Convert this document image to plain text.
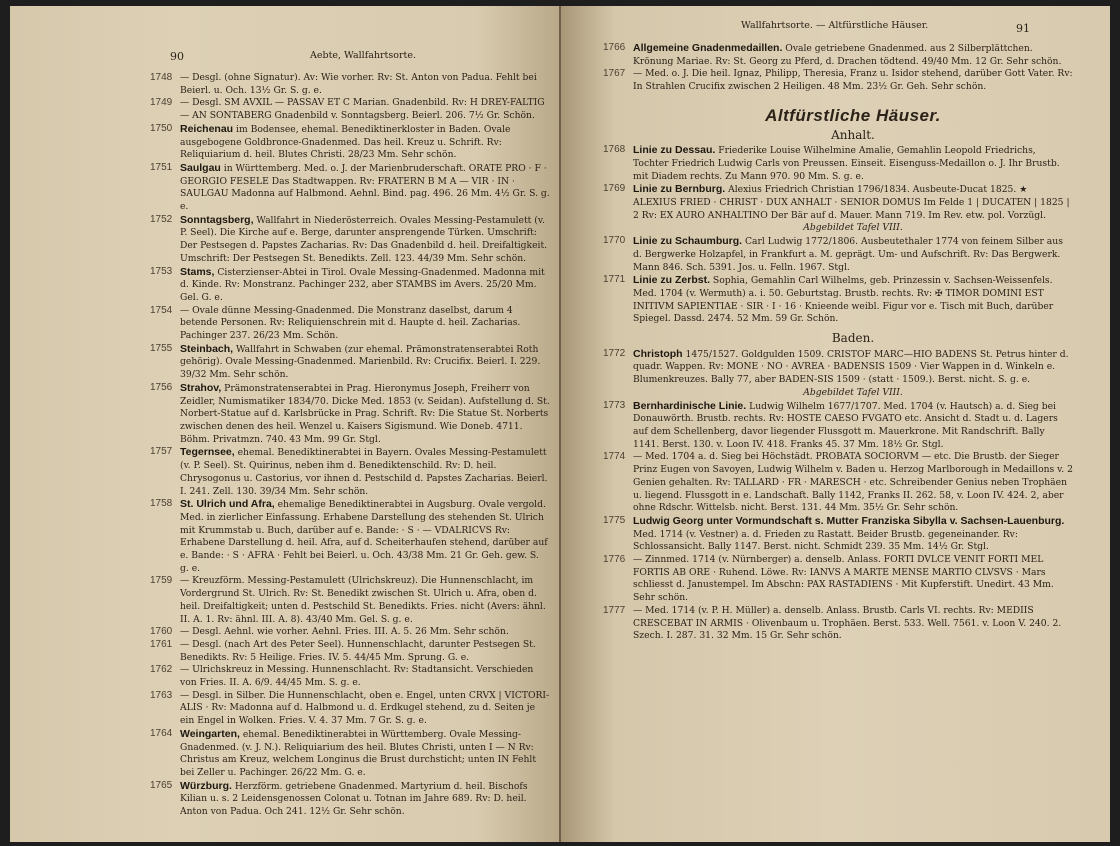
90	Aebte, Wallfahrtsorte.
1748 — Desgl. (ohne Signatur). Av: Wie vorher. Rv: St. Anton von Padua. Fehlt bei Beierl. u. Och. 13½ Gr. S. g. e.
1749 — Desgl. SM AVXIL — PASSAV ET C Marian. Gnadenbild. Rv: H DREY-FALTIG — AN SONTABERG Gnadenbild v. Sonntagsberg. Beierl. 206. 7½ Gr. Schön.
1750 Reichenau im Bodensee, ehemal. Benediktinerkloster in Baden. Ovale ausgebogene Goldbronce-Gnadenmed. Das heil. Kreuz u. Schrift. Rv: Reliquiarium d. heil. Blutes Christi. 28/23 Mm. Sehr schön.
1751 Saulgau in Württemberg. Med. o. J. der Marienbruderschaft. ORATE PRO · F · GEORGIO FESELE Das Stadtwappen. Rv: FRATERN B M A — VIR · IN · SAULGAU Madonna auf Halbmond. Aehnl. Bind. pag. 496. 26 Mm. 4½ Gr. S. g. e.
1752 Sonntagsberg, Wallfahrt in Niederösterreich. Ovales Messing-Pestamulett (v. P. Seel). Die Kirche auf e. Berge, darunter ansprengende Türken. Umschrift: Der Pestsegen d. Papstes Zacharias. Rv: Das Gnadenbild d. heil. Dreifaltigkeit. Umschrift: Der Pestsegen St. Benedikts. Zell. 123. 44/39 Mm. Sehr schön.
1753 Stams, Cisterzienser-Abtei in Tirol. Ovale Messing-Gnadenmed. Madonna mit d. Kinde. Rv: Monstranz. Pachinger 232, aber STAMBS im Avers. 25/20 Mm. Gel. G. e.
1754 — Ovale dünne Messing-Gnadenmed. Die Monstranz daselbst, darum 4 betende Personen. Rv: Reliquienschrein mit d. Haupte d. heil. Zacharias. Pachinger 237. 26/23 Mm. Schön.
1755 Steinbach, Wallfahrt in Schwaben (zur ehemal. Prämonstratenserabtei Roth gehörig). Ovale Messing-Gnadenmed. Marienbild. Rv: Crucifix. Beierl. I. 229. 39/32 Mm. Sehr schön.
1756 Strahov, Prämonstratenserabtei in Prag. Hieronymus Joseph, Freiherr von Zeidler, Numismatiker 1834/70. Dicke Med. 1853 (v. Seidan). Aufstellung d. St. Norbert-Statue auf d. Karlsbrücke in Prag. Schrift. Rv: Die Statue St. Norberts zwischen denen des heil. Wenzel u. Kaisers Sigismund. Wie Doneb. 4711. Böhm. Privatmzn. 740. 43 Mm. 99 Gr. Stgl.
1757 Tegernsee, ehemal. Benediktinerabtei in Bayern. Ovales Messing-Pestamulett (v. P. Seel). St. Quirinus, neben ihm d. Benediktenschild. Rv: D. heil. Chrysogonus u. Castorius, vor ihnen d. Pestschild d. Papstes Zacharias. Beierl. I. 241. Zell. 130. 39/34 Mm. Sehr schön.
1758 St. Ulrich und Afra, ehemalige Benediktinerabtei in Augsburg. Ovale vergold. Med. in zierlicher Einfassung. Erhabene Darstellung des stehenden St. Ulrich mit Krummstab u. Buch, darüber auf e. Bande: · S · — VDALRICVS Rv: Erhabene Darstellung d. heil. Afra, auf d. Scheiterhaufen stehend, darüber auf e. Bande: · S · AFRA · Fehlt bei Beierl. u. Och. 43/38 Mm. 21 Gr. Geh. gew. S. g. e.
1759 — Kreuzförm. Messing-Pestamulett (Ulrichskreuz). Die Hunnenschlacht, im Vordergrund St. Ulrich. Rv: St. Benedikt zwischen St. Ulrich u. Afra, oben d. heil. Dreifaltigkeit; unten d. Pestschild St. Benedikts. Fries. nicht (Avers: ähnl. II. A. 1. Rv: ähnl. III. A. 8). 43/40 Mm. Gel. S. g. e.
1760 — Desgl. Aehnl. wie vorher. Aehnl. Fries. III. A. 5. 26 Mm. Sehr schön.
1761 — Desgl. (nach Art des Peter Seel). Hunnenschlacht, darunter Pestsegen St. Benedikts. Rv: 5 Heilige. Fries. IV. 5. 44/45 Mm. Sprung. G. e.
1762 — Ulrichskreuz in Messing. Hunnenschlacht. Rv: Stadtansicht. Verschieden von Fries. II. A. 6/9. 44/45 Mm. S. g. e.
1763 — Desgl. in Silber. Die Hunnenschlacht, oben e. Engel, unten CRVX | VICTORI-ALIS · Rv: Madonna auf d. Halbmond u. d. Erdkugel stehend, zu d. Seiten je ein Engel in Wolken. Fries. V. 4. 37 Mm. 7 Gr. S. g. e.
1764 Weingarten, ehemal. Benediktinerabtei in Württemberg. Ovale Messing-Gnadenmed. (v. J. N.). Reliquiarium des heil. Blutes Christi, unten I — N Rv: Christus am Kreuz, welchem Longinus die Brust durchsticht; unten IN Fehlt bei Zeller u. Pachinger. 26/22 Mm. G. e.
1765 Würzburg. Herzförm. getriebene Gnadenmed. Martyrium d. heil. Bischofs Kilian u. s. 2 Leidensgenossen Colonat u. Totnan im Jahre 689. Rv: D. heil. Anton von Padua. Och 241. 12½ Gr. Sehr schön.
Wallfahrtsorte. — Altfürstliche Häuser.	91
1766 Allgemeine Gnadenmedaillen. Ovale getriebene Gnadenmed. aus 2 Silberplättchen. Krönung Mariae. Rv: St. Georg zu Pferd, d. Drachen tödtend. 49/40 Mm. 12 Gr. Sehr schön.
1767 — Med. o. J. Die heil. Ignaz, Philipp, Theresia, Franz u. Isidor stehend, darüber Gott Vater. Rv: In Strahlen Crucifix zwischen 2 Heiligen. 48 Mm. 23½ Gr. Geh. Sehr schön.
Altfürstliche Häuser.
Anhalt.
1768 Linie zu Dessau. Friederike Louise Wilhelmine Amalie, Gemahlin Leopold Friedrichs, Tochter Friedrich Ludwig Carls von Preussen. Einseit. Eisenguss-Medaillon o. J. Ihr Brustb. mit Diadem rechts. Zu Mann 970. 90 Mm. S. g. e.
1769 Linie zu Bernburg. Alexius Friedrich Christian 1796/1834. Ausbeute-Ducat 1825. ★ ALEXIUS FRIED · CHRIST · DUX ANHALT · SENIOR DOMUS Im Felde 1 | DUCATEN | 1825 | 2 Rv: EX AURO ANHALTINO Der Bär auf d. Mauer. Mann 719. Im Rev. etw. pol. Vorzügl.
Abgebildet Tafel VIII.
1770 Linie zu Schaumburg. Carl Ludwig 1772/1806. Ausbeutethaler 1774 von feinem Silber aus d. Bergwerke Holzapfel, in Frankfurt a. M. geprägt. Um- und Aufschrift. Rv: Das Bergwerk. Mann 846. Sch. 5391. Jos. u. Felln. 1967. Stgl.
1771 Linie zu Zerbst. Sophia, Gemahlin Carl Wilhelms, geb. Prinzessin v. Sachsen-Weissenfels. Med. 1704 (v. Wermuth) a. i. 50. Geburtstag. Brustb. rechts. Rv: ✠ TIMOR DOMINI EST INITIVM SAPIENTIAE · SIR · I · 16 · Knieende weibl. Figur vor e. Tisch mit Buch, darüber Spiegel. Dassd. 2474. 52 Mm. 59 Gr. Schön.
Baden.
1772 Christoph 1475/1527. Goldgulden 1509. CRISTOF MARC—HIO BADENS St. Petrus hinter d. quadr. Wappen. Rv: MONE · NO · AVREA · BADENSIS 1509 · Vier Wappen in d. Winkeln e. Blumenkreuzes. Bally 77, aber BADEN-SIS 1509 · (statt · 1509.). Berst. nicht. S. g. e.
Abgebildet Tafel VIII.
1773 Bernhardinische Linie. Ludwig Wilhelm 1677/1707. Med. 1704 (v. Hautsch) a. d. Sieg bei Donauwörth. Brustb. rechts. Rv: HOSTE CAESO FVGATO etc. Ansicht d. Stadt u. d. Lagers auf dem Schellenberg, davor liegender Flussgott m. Mauerkrone. Mit Randschrift. Bally 1141. Berst. 130. v. Loon IV. 418. Franks 45. 37 Mm. 18½ Gr. Stgl.
1774 — Med. 1704 a. d. Sieg bei Höchstädt. PROBATA SOCIORVM — etc. Die Brustb. der Sieger Prinz Eugen von Savoyen, Ludwig Wilhelm v. Baden u. Herzog Marlborough in Medaillons v. 2 Genien gehalten. Rv: TALLARD · FR · MARESCH · etc. Schreibender Genius neben Trophäen u. liegend. Flussgott in e. Landschaft. Bally 1142, Franks II. 262. 58, v. Loon IV. 424. 2, aber ohne Rdschr. Wittelsb. nicht. Berst. 131. 44 Mm. 35½ Gr. Sehr schön.
1775 Ludwig Georg unter Vormundschaft s. Mutter Franziska Sibylla v. Sachsen-Lauenburg. Med. 1714 (v. Vestner) a. d. Frieden zu Rastatt. Beider Brustb. gegeneinander. Rv: Schlossansicht. Bally 1147. Berst. nicht. Schmidt 239. 35 Mm. 14½ Gr. Stgl.
1776 — Zinnmed. 1714 (v. Nürnberger) a. denselb. Anlass. FORTI DVLCE VENIT FORTI MEL FORTIS AB ORE · Ruhend. Löwe. Rv: IANVS A MARTE MENSE MARTIO CLVSVS · Mars schliesst d. Janustempel. Im Abschn: PAX RASTADIENS · Mit Kupferstift. Unedirt. 43 Mm. Sehr schön.
1777 — Med. 1714 (v. P. H. Müller) a. denselb. Anlass. Brustb. Carls VI. rechts. Rv: MEDIIS CRESCEBAT IN ARMIS · Olivenbaum u. Trophäen. Berst. 533. Well. 7561. v. Loon V. 240. 2. Szech. I. 287. 31. 32 Mm. 15 Gr. Sehr schön.
